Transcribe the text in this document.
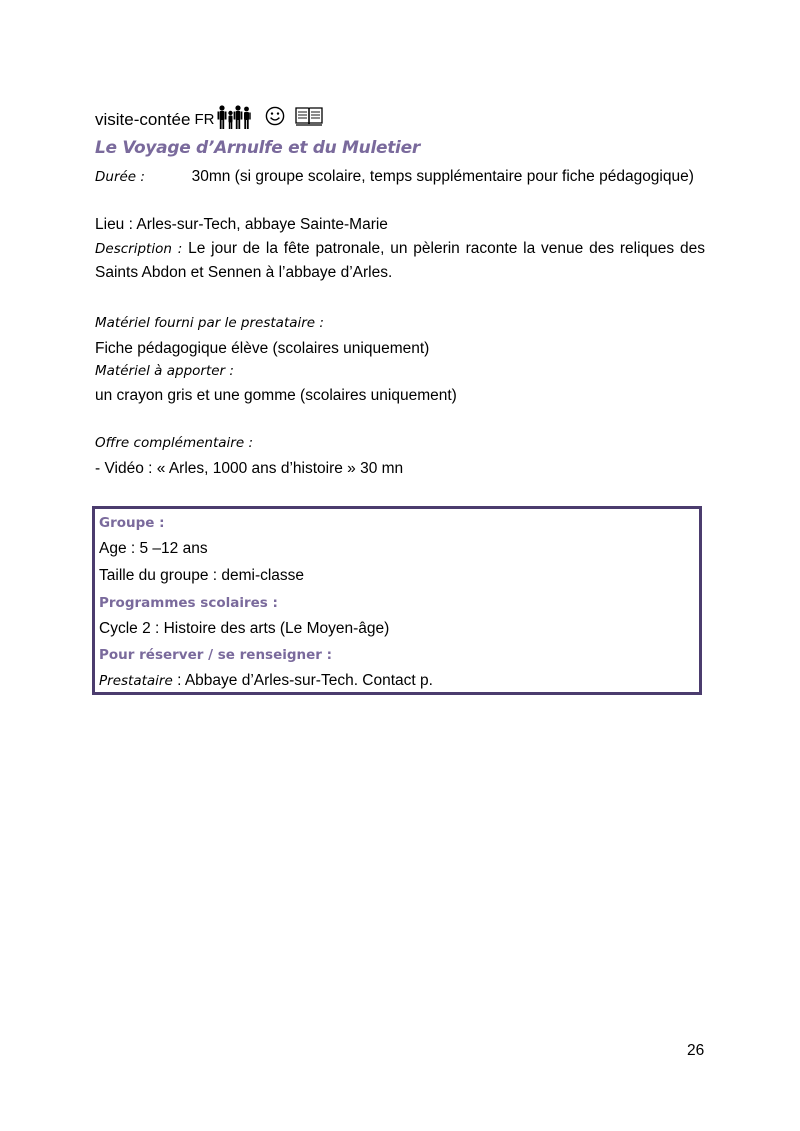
visite-contée FR
Le Voyage d’Arnulfe et du Muletier
Durée :	30mn (si groupe scolaire, temps supplémentaire pour fiche pédagogique)
Lieu : Arles-sur-Tech, abbaye Sainte-Marie
Description : Le jour de la fête patronale, un pèlerin raconte la venue des reliques des Saints Abdon et Sennen à l’abbaye d’Arles.
Matériel fourni par le prestataire :
Fiche pédagogique élève (scolaires uniquement)
Matériel à apporter :
un crayon gris et une gomme (scolaires uniquement)
Offre complémentaire :
- Vidéo : « Arles, 1000 ans d’histoire » 30 mn
Groupe :
Age : 5 –12 ans
Taille du groupe : demi-classe
Programmes scolaires :
Cycle 2 : Histoire des arts (Le Moyen-âge)
Pour réserver / se renseigner :
Prestataire : Abbaye d’Arles-sur-Tech. Contact p.
26
